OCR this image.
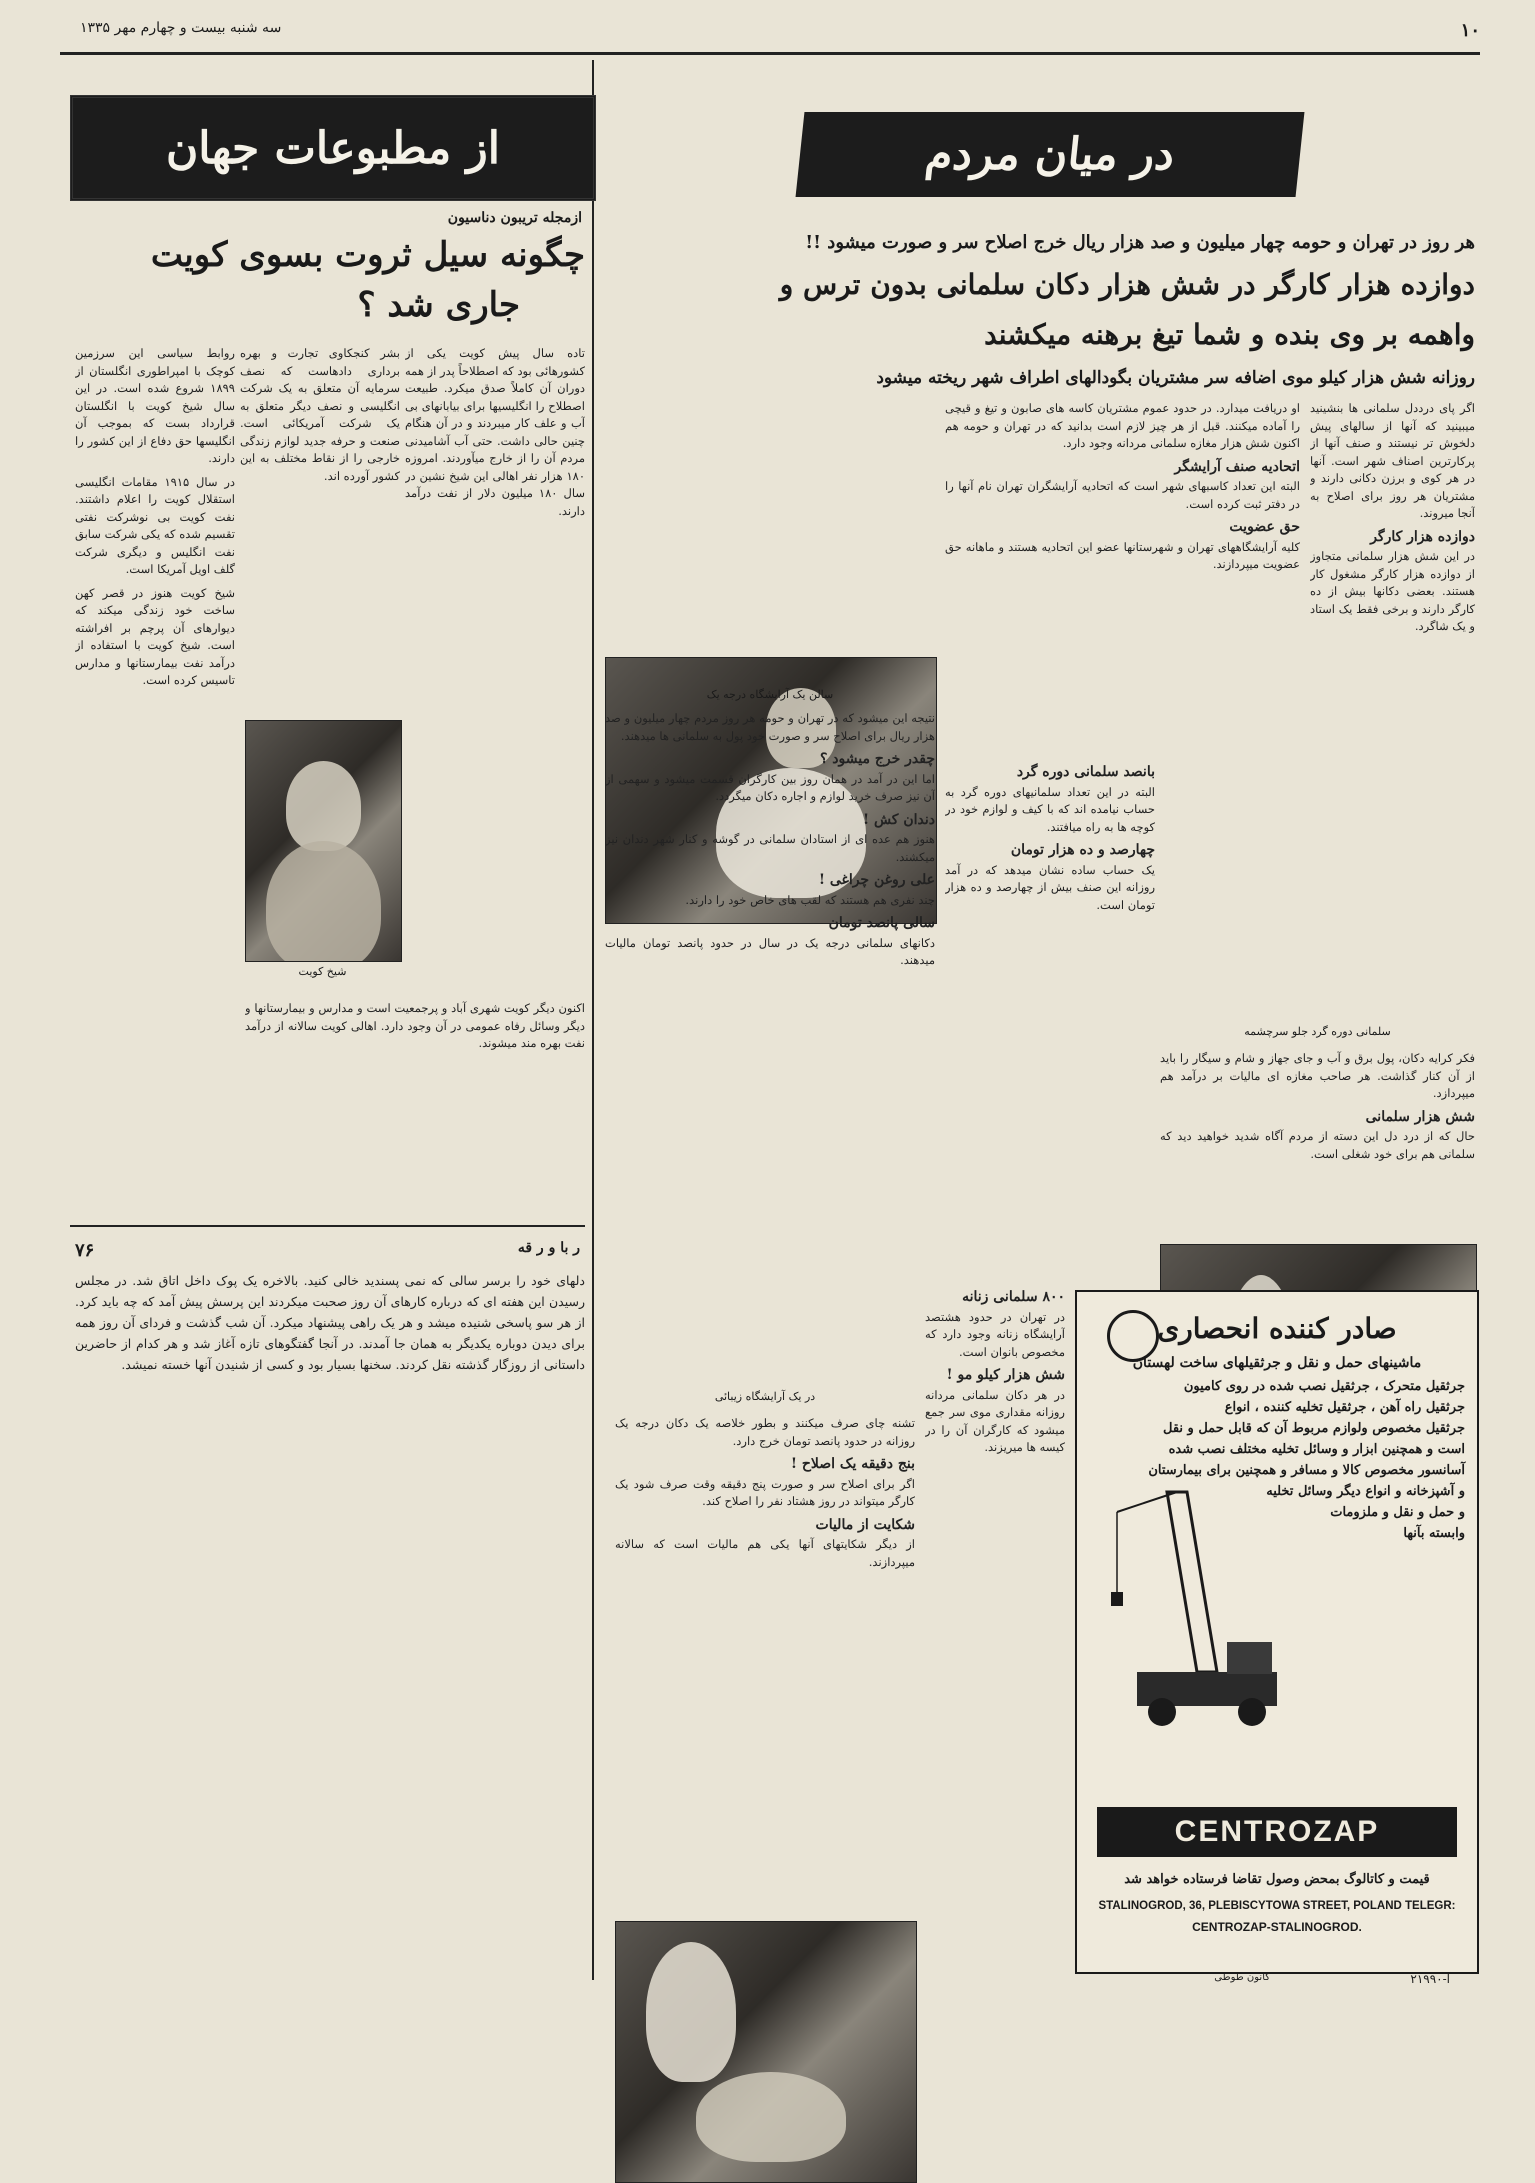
سه شنبه بیست و چهارم مهر ۱۳۳۵	۱۰
از مطبوعات جهان
ازمجله تریبون دناسیون
چگونه سیل ثروت بسوی کویت
جاری شد ؟

تاده سال پیش کویت یکی از کشورهائی بود که اصطلاحاً پدر از همه دوران آن کاملاً صدق میکرد. طبیعت اصطلاح را انگلیسیها برای بیابانهای بی آب و علف کار میبردند و در آن هنگام چنین حالی داشت. حتی آب آشامیدنی مردم آن را از خارج میآوردند. امروزه ۱۸۰ هزار نفر اهالی این شیخ نشین در سال ۱۸۰ میلیون دلار از نفت درآمد دارند.

بشر کنجکاوی تجارت و بهره برداری دادهاست که نصف سرمایه آن متعلق به یک شرکت انگلیسی و نصف دیگر متعلق به یک شرکت آمریکائی است. صنعت و حرفه جدید لوازم زندگی خارجی را از نقاط مختلف به این کشور آورده اند.

شیخ کویت

روابط سیاسی این سرزمین کوچک با امپراطوری انگلستان از ۱۸۹۹ شروع شده است. در این سال شیخ کویت با انگلستان قرارداد بست که بموجب آن انگلیسها حق دفاع از این کشور را دارند.

در سال ۱۹۱۵ مقامات انگلیسی استقلال کویت را اعلام داشتند. نفت کویت بی نوشرکت نفتی تقسیم شده که یکی شرکت سابق نفت انگلیس و دیگری شرکت گلف اویل آمریکا است.

شیخ کویت هنوز در قصر کهن ساخت خود زندگی میکند که دیوارهای آن پرچم بر افراشته است. شیخ کویت با استفاده از درآمد نفت بیمارستانها و مدارس تاسیس کرده است.

اکنون دیگر کویت شهری آباد و پرجمعیت است و مدارس و بیمارستانها و دیگر وسائل رفاه عمومی در آن وجود دارد. اهالی کویت سالانه از درآمد نفت بهره مند میشوند.

۷۶	ر با و ر قه

دلهای خود را برسر سالی که نمی پسندید خالی کنید. بالاخره یک پوک داخل اتاق شد. در مجلس رسیدن این هفته ای که درباره کارهای آن روز صحبت میکردند این پرسش پیش آمد که چه باید کرد. از هر سو پاسخی شنیده میشد و هر یک راهی پیشنهاد میکرد. آن شب گذشت و فردای آن روز همه برای دیدن دوباره یکدیگر به همان جا آمدند. در آنجا گفتگوهای تازه آغاز شد و هر کدام از حاضرین داستانی از روزگار گذشته نقل کردند. سخنها بسیار بود و کسی از شنیدن آنها خسته نمیشد.

در میان مردم
هر روز در تهران و حومه چهار میلیون و صد هزار ریال خرج اصلاح سر و صورت میشود !!
دوازده هزار کارگر در شش هزار دکان سلمانی بدون ترس و
واهمه بر وی بنده و شما تیغ برهنه میکشند
روزانه شش هزار کیلو موی اضافه سر مشتریان بگودالهای اطراف شهر ریخته میشود

اگر پای درددل سلمانی ها بنشینید میبینید که آنها از سالهای پیش دلخوش تر نیستند و صنف آنها از پرکارترین اصناف شهر است. آنها در هر کوی و برزن دکانی دارند و مشتریان هر روز برای اصلاح به آنجا میروند.

دوازده هزار کارگر

در این شش هزار سلمانی متجاوز از دوازده هزار کارگر مشغول کار هستند. بعضی دکانها بیش از ده کارگر دارند و برخی فقط یک استاد و یک شاگرد.

او دریافت میدارد. در حدود عموم مشتریان کاسه های صابون و تیغ و قیچی را آماده میکنند. قبل از هر چیز لازم است بدانید که در تهران و حومه هم اکنون شش هزار مغازه سلمانی مردانه وجود دارد.

اتحادیه صنف آرایشگر

البته این تعداد کاسبهای شهر است که اتحادیه آرایشگران تهران نام آنها را در دفتر ثبت کرده است.

حق عضویت

کلیه آرایشگاههای تهران و شهرستانها عضو این اتحادیه هستند و ماهانه حق عضویت میپردازند.

سالن یک آرایشگاه درجه یک

نتیجه این میشود که در تهران و حومه هر روز مردم چهار میلیون و صد هزار ریال برای اصلاح سر و صورت خود پول به سلمانی ها میدهند.

چقدر خرج میشود ؟

اما این در آمد در همان روز بین کارگران قسمت میشود و سهمی از آن نیز صرف خرید لوازم و اجاره دکان میگردد.

دندان کش !

هنوز هم عده ای از استادان سلمانی در گوشه و کنار شهر دندان نیز میکشند.

علی روغن چراغی !

چند نفری هم هستند که لقب های خاص خود را دارند.

سالی پانصد تومان

دکانهای سلمانی درجه یک در سال در حدود پانصد تومان مالیات میدهند.

بانصد سلمانی دوره گرد

البته در این تعداد سلمانیهای دوره گرد به حساب نیامده اند که با کیف و لوازم خود در کوچه ها به راه میافتند.

چهارصد و ده هزار تومان

یک حساب ساده نشان میدهد که در آمد روزانه این صنف بیش از چهارصد و ده هزار تومان است.

سلمانی دوره گرد جلو سرچشمه

فکر کرایه دکان، پول برق و آب و جای جهاز و شام و سیگار را باید از آن کنار گذاشت. هر صاحب مغازه ای مالیات بر درآمد هم میپردازد.

شش هزار سلمانی

حال که از درد دل این دسته از مردم آگاه شدید خواهید دید که سلمانی هم برای خود شغلی است.

در یک آرایشگاه زیبائی

تشنه چای صرف میکنند و بطور خلاصه یک دکان درجه یک روزانه در حدود پانصد تومان خرج دارد.

بنج دقیقه یک اصلاح !

اگر برای اصلاح سر و صورت پنج دقیقه وقت صرف شود یک کارگر میتواند در روز هشتاد نفر را اصلاح کند.

شکایت از مالیات

از دیگر شکایتهای آنها یکی هم مالیات است که سالانه میپردازند.

۸۰۰ سلمانی زنانه

در تهران در حدود هشتصد آرایشگاه زنانه وجود دارد که مخصوص بانوان است.

شش هزار کیلو مو !

در هر دکان سلمانی مردانه روزانه مقداری موی سر جمع میشود که کارگران آن را در کیسه ها میریزند.

صادر کننده انحصاری
ماشینهای حمل و نقل و جرثقیلهای ساخت لهستان
جرثقیل متحرک ، جرثقیل نصب شده در روی کامیون
جرثقیل راه آهن ، جرثقیل تخلیه کننده ، انواع
جرثقیل مخصوص ولوازم مربوط آن که قابل حمل و نقل
است و همچنین ابزار و وسائل تخلیه مختلف نصب شده
آسانسور مخصوص کالا و مسافر و همچنین برای بیمارستان
و آشپزخانه و انواع دیگر وسائل تخلیه
و حمل و نقل و ملزومات
وابسته بآنها
CENTROZAP
قیمت و کاتالوگ بمحض وصول تقاضا فرستاده خواهد شد
STALINOGROD, 36, PLEBISCYTOWA STREET, POLAND TELEGR:
CENTROZAP-STALINOGROD.
کانون طوطی	آ-۲۱۹۹۰
